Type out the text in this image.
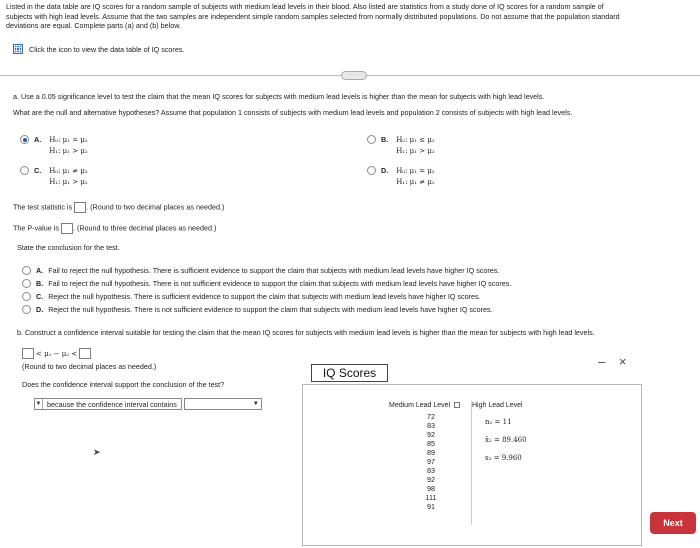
Listed in the data table are IQ scores for a random sample of subjects with medium lead levels in their blood. Also listed are statistics from a study done of IQ scores for a random sample of

subjects with high lead levels. Assume that the two samples are independent simple random samples selected from normally distributed populations. Do not assume that the population standard

deviations are equal. Complete parts (a) and (b) below.

Click the icon to view the data table of IQ scores.
·····
a. Use a 0.05 significance level to test the claim that the mean IQ scores for subjects with medium lead levels is higher than the mean for subjects with high lead levels.
What are the null and alternative hypotheses? Assume that population 1 consists of subjects with medium lead levels and population 2 consists of subjects with high lead levels.
A. H₀: μ₁ = μ₂
H₁: μ₁ > μ₂
B. H₀: μ₁ ≤ μ₂
H₁: μ₁ > μ₂
C. H₀: μ₁ ≠ μ₂
H₁: μ₁ > μ₂
D. H₀: μ₁ = μ₂
H₁: μ₁ ≠ μ₂
The test statistic is . (Round to two decimal places as needed.)
The P-value is . (Round to three decimal places as needed.)
State the conclusion for the test.
A. Fail to reject the null hypothesis. There is sufficient evidence to support the claim that subjects with medium lead levels have higher IQ scores.
B. Fail to reject the null hypothesis. There is not sufficient evidence to support the claim that subjects with medium lead levels have higher IQ scores.
C. Reject the null hypothesis. There is sufficient evidence to support the claim that subjects with medium lead levels have higher IQ scores.
D. Reject the null hypothesis. There is not sufficient evidence to support the claim that subjects with medium lead levels have higher IQ scores.
b. Construct a confidence interval suitable for testing the claim that the mean IQ scores for subjects with medium lead levels is higher than the mean for subjects with high lead levels.
< μ₁ − μ₂ <
(Round to two decimal places as needed.)
Does the confidence interval support the conclusion of the test?
▼ because the confidence interval contains	▼
➤
IQ Scores
– ×
Medium Lead Level	High Lead Level
72
83
92
85
89
97
83
92
98
111
91
n₂ = 11
x̄₂ = 89.460
s₂ = 9.960
Next
